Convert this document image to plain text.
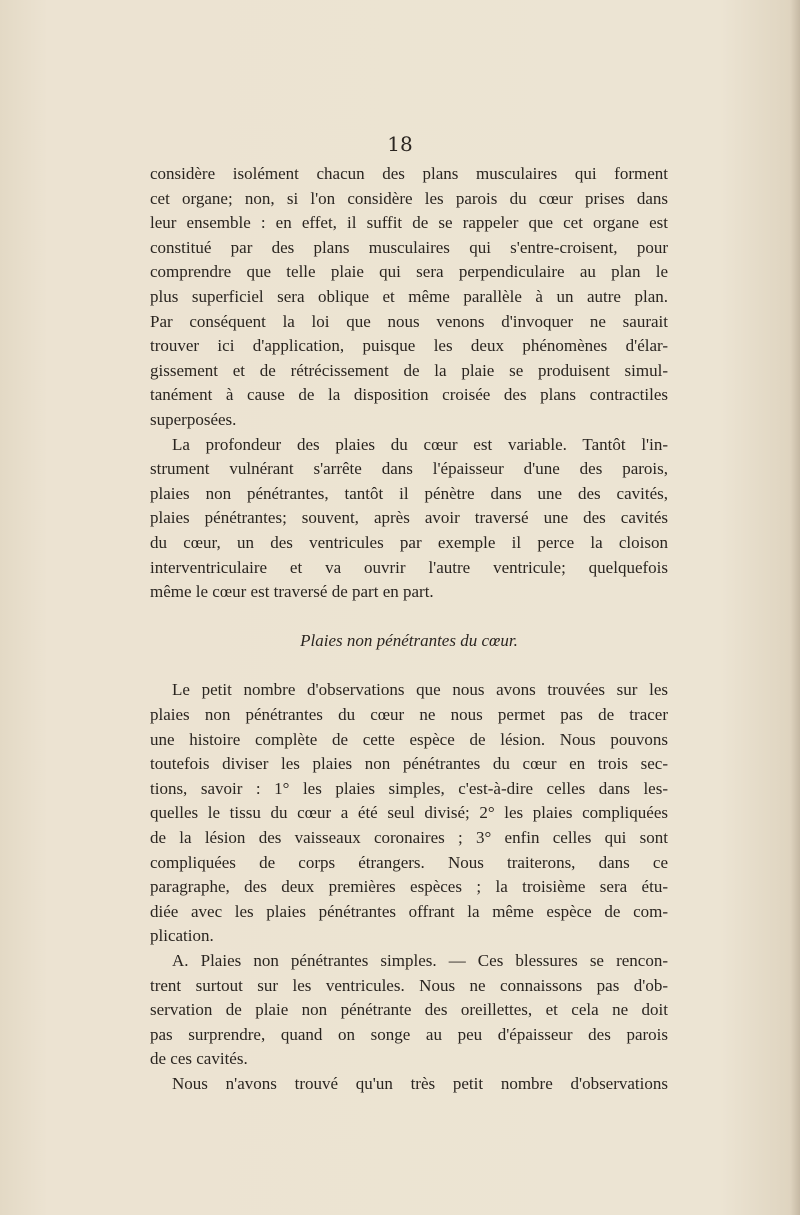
18
considère isolément chacun des plans musculaires qui forment
cet organe; non, si l'on considère les parois du cœur prises dans
leur ensemble : en effet, il suffit de se rappeler que cet organe est
constitué par des plans musculaires qui s'entre-croisent, pour
comprendre que telle plaie qui sera perpendiculaire au plan le
plus superficiel sera oblique et même parallèle à un autre plan.
Par conséquent la loi que nous venons d'invoquer ne saurait
trouver ici d'application, puisque les deux phénomènes d'élar-
gissement et de rétrécissement de la plaie se produisent simul-
tanément à cause de la disposition croisée des plans contractiles
superposées.
La profondeur des plaies du cœur est variable. Tantôt l'in-
strument vulnérant s'arrête dans l'épaisseur d'une des parois,
plaies non pénétrantes, tantôt il pénètre dans une des cavités,
plaies pénétrantes; souvent, après avoir traversé une des cavités
du cœur, un des ventricules par exemple il perce la cloison
interventriculaire et va ouvrir l'autre ventricule; quelquefois
même le cœur est traversé de part en part.
Plaies non pénétrantes du cœur.
Le petit nombre d'observations que nous avons trouvées sur les
plaies non pénétrantes du cœur ne nous permet pas de tracer
une histoire complète de cette espèce de lésion. Nous pouvons
toutefois diviser les plaies non pénétrantes du cœur en trois sec-
tions, savoir : 1° les plaies simples, c'est-à-dire celles dans les-
quelles le tissu du cœur a été seul divisé; 2° les plaies compliquées
de la lésion des vaisseaux coronaires ; 3° enfin celles qui sont
compliquées de corps étrangers. Nous traiterons, dans ce
paragraphe, des deux premières espèces ; la troisième sera étu-
diée avec les plaies pénétrantes offrant la même espèce de com-
plication.
A. Plaies non pénétrantes simples. — Ces blessures se rencon-
trent surtout sur les ventricules. Nous ne connaissons pas d'ob-
servation de plaie non pénétrante des oreillettes, et cela ne doit
pas surprendre, quand on songe au peu d'épaisseur des parois
de ces cavités.
Nous n'avons trouvé qu'un très petit nombre d'observations
